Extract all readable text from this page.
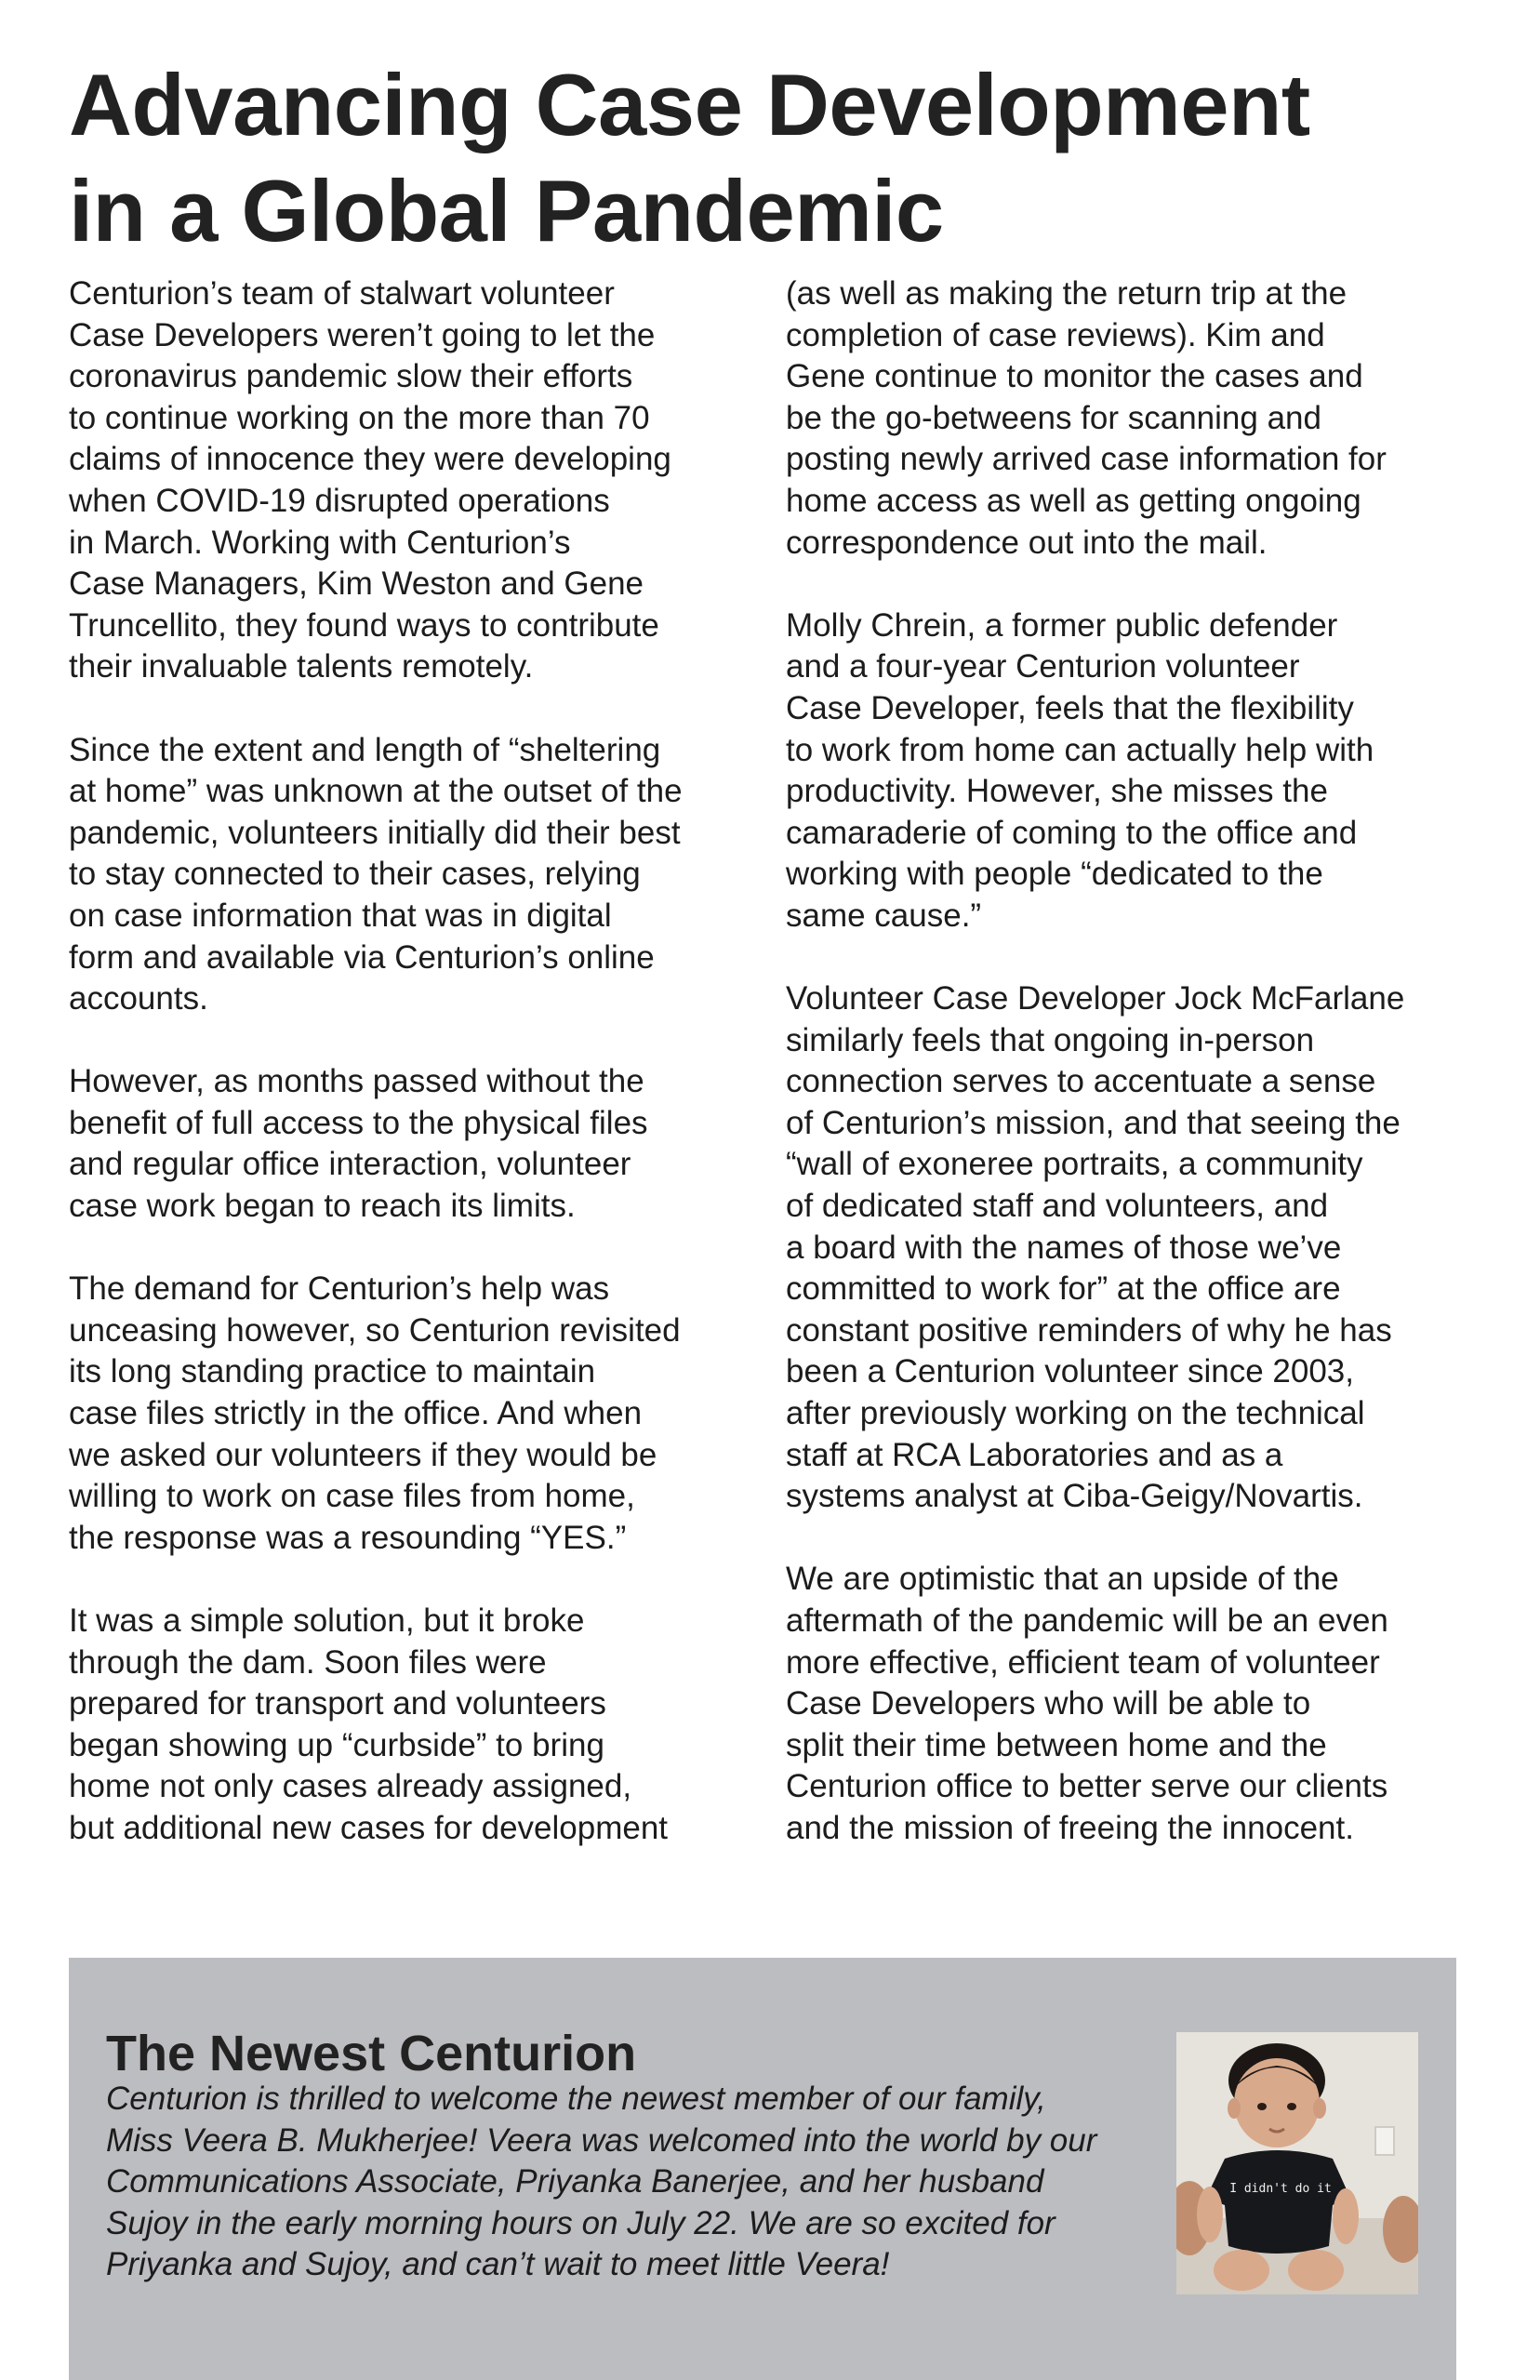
Advancing Case Development
in a Global Pandemic

Centurion’s team of stalwart volunteer
Case Developers weren’t going to let the
coronavirus pandemic slow their efforts
to continue working on the more than 70
claims of innocence they were developing
when COVID-19 disrupted operations
in March. Working with Centurion’s
Case Managers, Kim Weston and Gene
Truncellito, they found ways to contribute
their invaluable talents remotely.

Since the extent and length of “sheltering
at home” was unknown at the outset of the
pandemic, volunteers initially did their best
to stay connected to their cases, relying
on case information that was in digital
form and available via Centurion’s online
accounts.

However, as months passed without the
benefit of full access to the physical files
and regular office interaction, volunteer
case work began to reach its limits.

The demand for Centurion’s help was
unceasing however, so Centurion revisited
its long standing practice to maintain
case files strictly in the office. And when
we asked our volunteers if they would be
willing to work on case files from home,
the response was a resounding “YES.”

It was a simple solution, but it broke
through the dam. Soon files were
prepared for transport and volunteers
began showing up “curbside” to bring
home not only cases already assigned,
but additional new cases for development

(as well as making the return trip at the
completion of case reviews). Kim and
Gene continue to monitor the cases and
be the go-betweens for scanning and
posting newly arrived case information for
home access as well as getting ongoing
correspondence out into the mail.

Molly Chrein, a former public defender
and a four-year Centurion volunteer
Case Developer, feels that the flexibility
to work from home can actually help with
productivity. However, she misses the
camaraderie of coming to the office and
working with people “dedicated to the
same cause.”

Volunteer Case Developer Jock McFarlane
similarly feels that ongoing in-person
connection serves to accentuate a sense
of Centurion’s mission, and that seeing the
“wall of exoneree portraits, a community
of dedicated staff and volunteers, and
a board with the names of those we’ve
committed to work for” at the office are
constant positive reminders of why he has
been a Centurion volunteer since 2003,
after previously working on the technical
staff at RCA Laboratories and as a
systems analyst at Ciba-Geigy/Novartis.

We are optimistic that an upside of the
aftermath of the pandemic will be an even
more effective, efficient team of volunteer
Case Developers who will be able to
split their time between home and the
Centurion office to better serve our clients
and the mission of freeing the innocent.

The Newest Centurion
Centurion is thrilled to welcome the newest member of our family,
Miss Veera B. Mukherjee! Veera was welcomed into the world by our
Communications Associate, Priyanka Banerjee, and her husband
Sujoy in the early morning hours on July 22. We are so excited for
Priyanka and Sujoy, and can’t wait to meet little Veera!
I didn't do it
